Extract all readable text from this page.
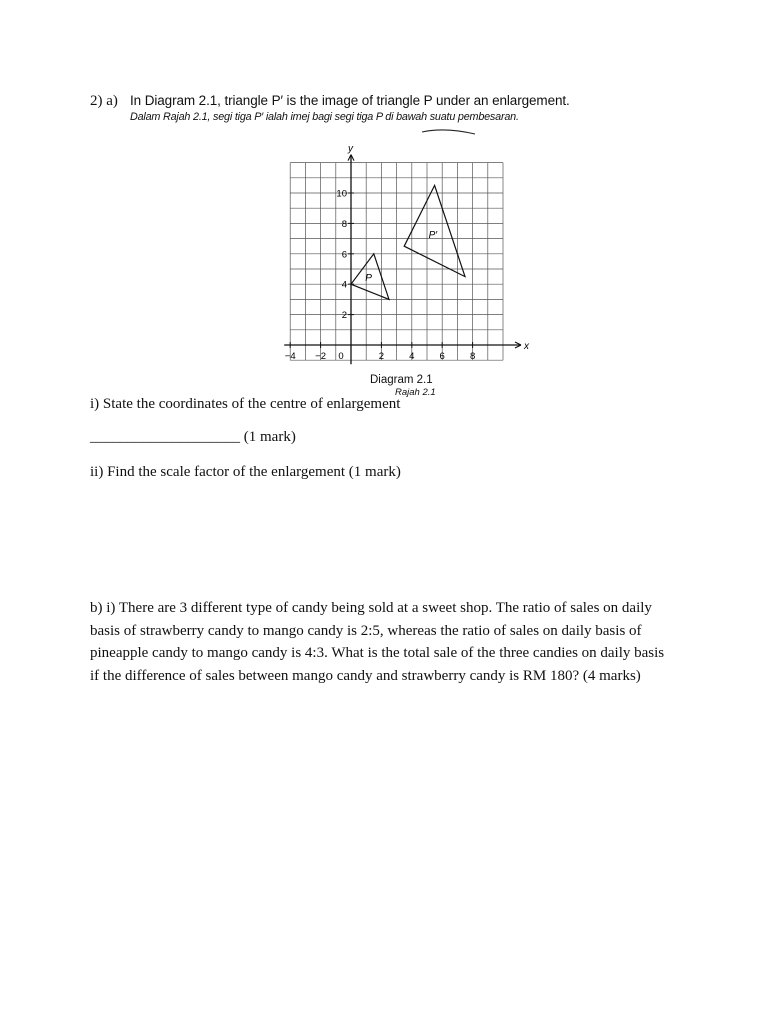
2) a) In Diagram 2.1, triangle P′ is the image of triangle P under an enlargement.
Dalam Rajah 2.1, segi tiga P′ ialah imej bagi segi tiga P di bawah suatu pembesaran.
x
y
−4 −2 0	2	4	6	8
2
4
6
8
10
P
P′
Diagram 2.1
Rajah 2.1
i) State the coordinates of the centre of enlargement
____________________ (1 mark)
ii) Find the scale factor of the enlargement (1 mark)
b) i) There are 3 different type of candy being sold at a sweet shop. The ratio of sales on daily basis of strawberry candy to mango candy is 2:5, whereas the ratio of sales on daily basis of pineapple candy to mango candy is 4:3. What is the total sale of the three candies on daily basis if the difference of sales between mango candy and strawberry candy is RM 180? (4 marks)
